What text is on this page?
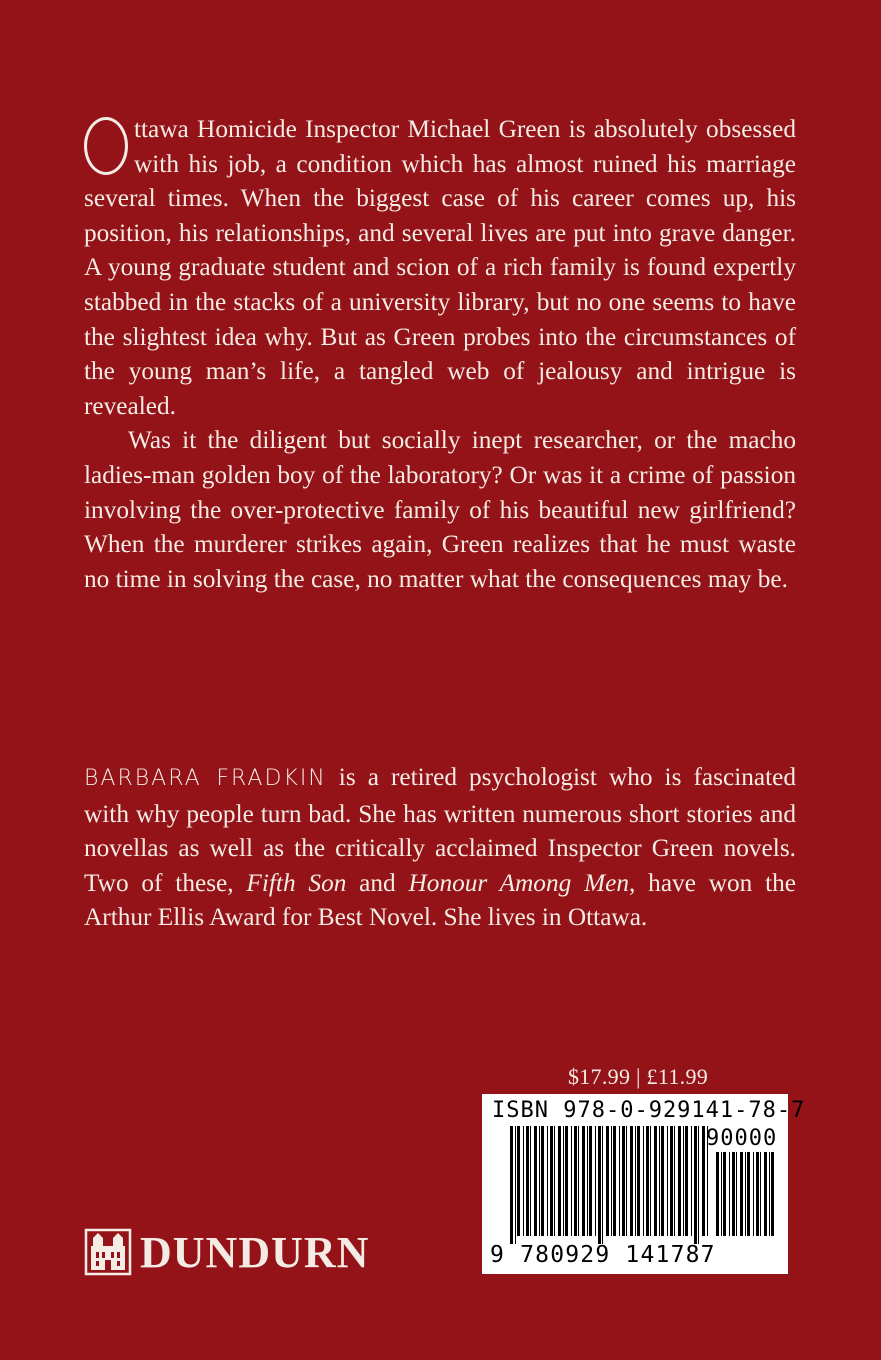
ttawa Homicide Inspector Michael Green is absolutely obsessed with his job, a condition which has almost ruined his marriage several times. When the biggest case of his career comes up, his position, his relationships, and several lives are put into grave danger. A young graduate student and scion of a rich family is found expertly stabbed in the stacks of a university library, but no one seems to have the slightest idea why. But as Green probes into the circumstances of the young man’s life, a tangled web of jealousy and intrigue is revealed.

Was it the diligent but socially inept researcher, or the macho ladies-man golden boy of the laboratory? Or was it a crime of passion involving the over-protective family of his beautiful new girlfriend? When the murderer strikes again, Green realizes that he must waste no time in solving the case, no matter what the consequences may be.

BARBARA FRADKIN is a retired psychologist who is fascinated with why people turn bad. She has written numerous short stories and novellas as well as the critically acclaimed Inspector Green novels. Two of these, Fifth Son and Honour Among Men, have won the Arthur Ellis Award for Best Novel. She lives in Ottawa.

$17.99 | £11.99
ISBN 978-0-929141-78-7
90000
9 780929 141787
DUNDURN
